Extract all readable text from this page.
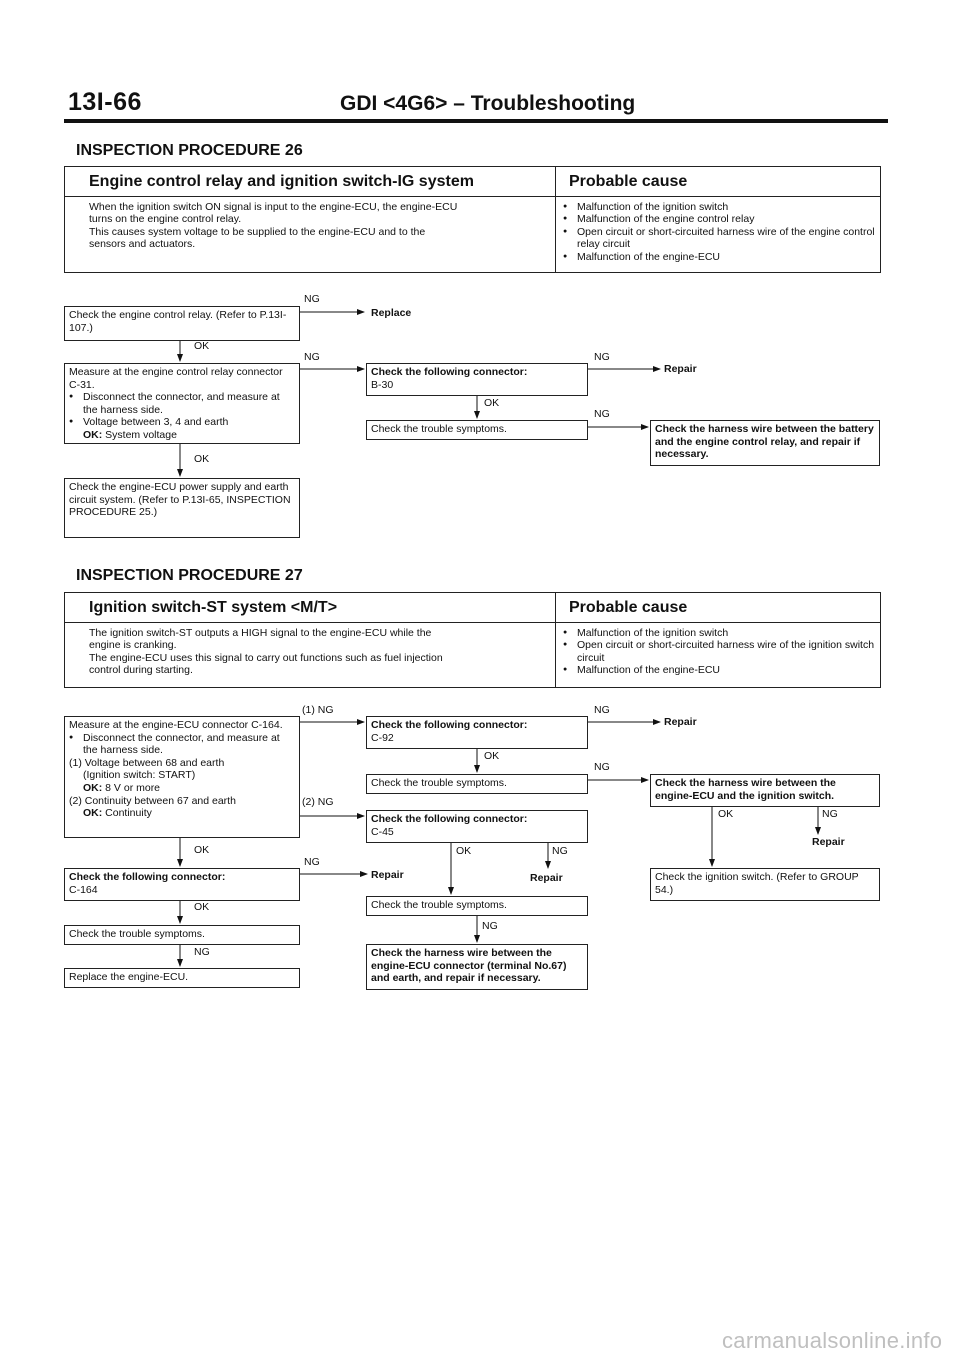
13I-66	GDI <4G6> – Troubleshooting
INSPECTION PROCEDURE 26
Engine control relay and ignition switch-IG system	Probable cause
When the ignition switch ON signal is input to the engine-ECU, the engine-ECU
turns on the engine control relay.
This causes system voltage to be supplied to the engine-ECU and to the
sensors and actuators.

● Malfunction of the ignition switch

● Malfunction of the engine control relay

● Open circuit or short-circuited harness wire of the engine control relay circuit

● Malfunction of the engine-ECU

Check the engine control relay. (Refer to P.13I-107.)
Replace
Measure at the engine control relay connector C-31.

● Disconnect the connector, and measure at the harness side.

● Voltage between 3, 4 and earth

OK: System voltage
Check the following connector:
B-30
Repair
Check the trouble symptoms.	Check the harness wire between the battery and the engine control relay, and repair if necessary.
Check the engine-ECU power supply and earth circuit system. (Refer to P.13I-65, INSPECTION PROCEDURE 25.)
NG
OK
NG	NG
OK
NG
OK
INSPECTION PROCEDURE 27
Ignition switch-ST system <M/T>	Probable cause
The ignition switch-ST outputs a HIGH signal to the engine-ECU while the
engine is cranking.
The engine-ECU uses this signal to carry out functions such as fuel injection
control during starting.

● Malfunction of the ignition switch

● Open circuit or short-circuited harness wire of the ignition switch circuit

● Malfunction of the engine-ECU

Measure at the engine-ECU connector C-164.

● Disconnect the connector, and measure at the harness side.

(1) Voltage between 68 and earth
(Ignition switch: START)
OK: 8 V or more
(2) Continuity between 67 and earth
OK: Continuity
Check the following connector:
C-92
Repair
Check the trouble symptoms.	Check the harness wire between the engine-ECU and the ignition switch.
Check the following connector:
C-45
Repair
Check the following connector:
C-164
Repair	Repair	Check the ignition switch. (Refer to GROUP 54.)
Check the trouble symptoms.
Check the trouble symptoms.
Check the harness wire between the engine-ECU connector (terminal No.67) and earth, and repair if necessary.
Replace the engine-ECU.
(1) NG	NG
OK
NG
(2) NG
OK	NG
OK	OK	NG
NG
OK
NG
NG
carmanualsonline.info
